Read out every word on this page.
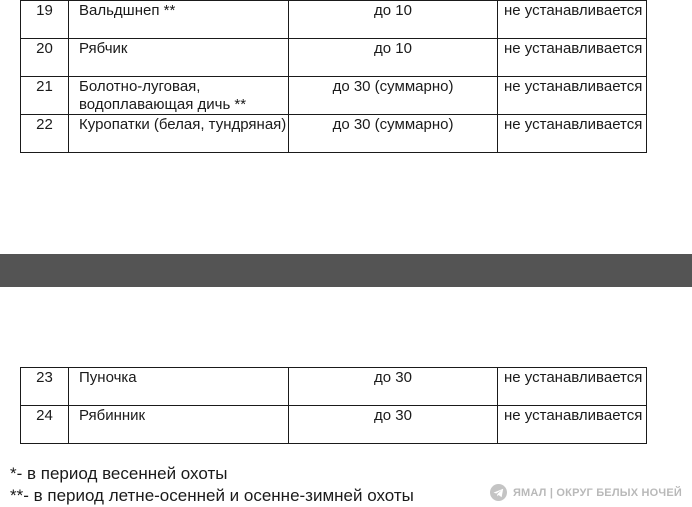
19	Вальдшнеп **	до 10	не устанавливается
20	Рябчик	до 10	не устанавливается
21	Болотно-луговая, водоплавающая дичь **	до 30 (суммарно)	не устанавливается
22	Куропатки (белая, тундряная)	до 30 (суммарно)	не устанавливается
23	Пуночка	до 30	не устанавливается
24	Рябинник	до 30	не устанавливается
*- в период весенней охоты
**- в период летне-осенней и осенне-зимней охоты	ЯМАЛ | ОКРУГ БЕЛЫХ НОЧЕЙ
